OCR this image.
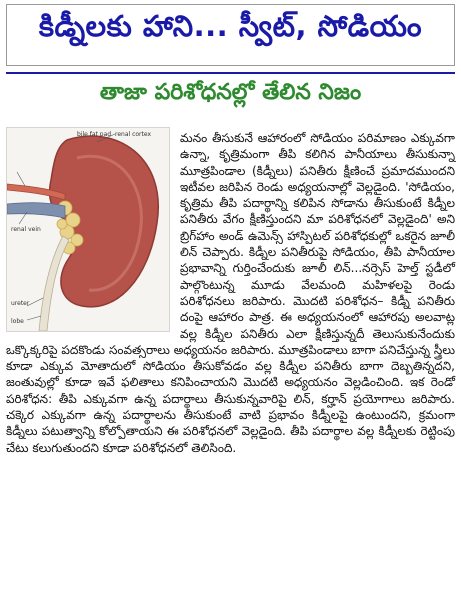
కిడ్నీలకు హాని... స్వీట్, సోడియం
తాజా పరిశోధనల్లో తేలిన నిజం
renal cortex
bile fat pad
renal vein
ureter
lobe

మనం తీసుకునే ఆహారంలో సోడియం పరిమాణం ఎక్కువగా ఉన్నా, కృత్రిమంగా తీపి కలిగిన పానీయాలు తీసుకున్నా మూత్రపిండాల (కిడ్నీలు) పనితీరు క్షీణించే ప్రమాదముందని ఇటీవల జరిపిన రెండు అధ్యయనాల్లో వెల్లడైంది. 'సోడియం, కృత్రిమ తీపి పదార్థాన్ని కలిపిన సోడాను తీసుకుంటే కిడ్నీల పనితీరు వేగం క్షీణిస్తుందని మా పరిశోధనలో వెల్లడైంది' అని బ్రిగ్‌హాం అండ్ ఉమెన్స్ హాస్పిటల్ పరిశోధకుల్లో ఒకరైన జూలీ లిన్ చెప్పారు. కిడ్నీల పనితీరుపై సోడియం, తీపి పానీయాల ప్రభావాన్ని గుర్తించేందుకు జూలీ లిన్...నర్సెస్ హెల్త్ స్టడీలో పాల్గొంటున్న మూడు వేలమంది మహిళలపై రెండు పరిశోధనలు జరిపారు. మొదటి పరిశోధన– కిడ్నీ పనితీరు దంపై ఆహారం పాత్ర. ఈ అధ్యయనంలో ఆహారపు అలవాట్ల వల్ల కిడ్నీల పనితీరు ఎలా క్షీణిస్తున్నదీ తెలుసుకునేందుకు ఒక్కొక్కరిపై పదకొండు సంవత్సరాలు అధ్యయనం జరిపారు. మూత్రపిండాలు బాగా పనిచేస్తున్న స్త్రీలు కూడా ఎక్కువ మోతాదులో సోడియం తీసుకోవడం వల్ల కిడ్నీల పనితీరు బాగా దెబ్బతిన్నదని, జంతువుల్లో కూడా ఇవే ఫలితాలు కనిపించాయని మొదటి అధ్యయనం వెల్లడించింది. ఇక రెండో పరిశోధన: తీపి ఎక్కువగా ఉన్న పదార్థాలు తీసుకున్నవారిపై లిన్, కర్హాన్ ప్రయోగాలు జరిపారు. చక్కెర ఎక్కువగా ఉన్న పదార్థాలను తీసుకుంటే వాటి ప్రభావం కిడ్నీలపై ఉంటుందని, క్రమంగా కిడ్నీలు పటుత్వాన్ని కోల్పోతాయని ఈ పరిశోధనలో వెల్లడైంది. తీపి పదార్థాల వల్ల కిడ్నీలకు రెట్టింపు చేటు కలుగుతుందని కూడా పరిశోధనలో తెలిసింది.
